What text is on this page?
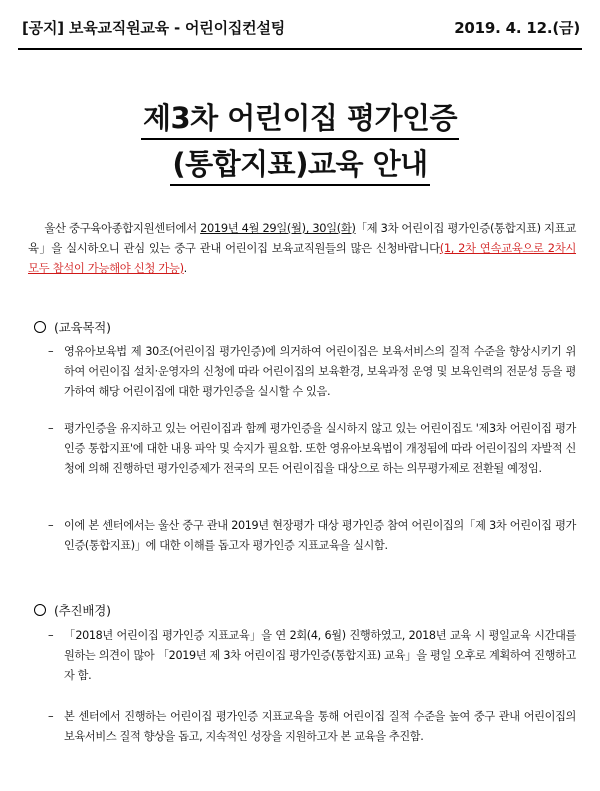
[공지] 보육교직원교육 - 어린이집컨설팅	2019. 4. 12.(금)
제3차 어린이집 평가인증
(통합지표)교육 안내
울산 중구육아종합지원센터에서 2019년 4월 29일(월), 30일(화)「제 3차 어린이집 평가인증(통합지표) 지표교육」을 실시하오니 관심 있는 중구 관내 어린이집 보육교직원들의 많은 신청바랍니다(1, 2차 연속교육으로 2차시 모두 참석이 가능해야 신청 가능).
(교육목적)
– 영유아보육법 제 30조(어린이집 평가인증)에 의거하여 어린이집은 보육서비스의 질적 수준을 향상시키기 위하여 어린이집 설치·운영자의 신청에 따라 어린이집의 보육환경, 보육과정 운영 및 보육인력의 전문성 등을 평가하여 해당 어린이집에 대한 평가인증을 실시할 수 있음.
– 평가인증을 유지하고 있는 어린이집과 함께 평가인증을 실시하지 않고 있는 어린이집도 '제3차 어린이집 평가인증 통합지표'에 대한 내용 파악 및 숙지가 필요함. 또한 영유아보육법이 개정됨에 따라 어린이집의 자발적 신청에 의해 진행하던 평가인증제가 전국의 모든 어린이집을 대상으로 하는 의무평가제로 전환될 예정임.
– 이에 본 센터에서는 울산 중구 관내 2019년 현장평가 대상 평가인증 참여 어린이집의「제 3차 어린이집 평가인증(통합지표)」에 대한 이해를 돕고자 평가인증 지표교육을 실시함.
(추진배경)
– 「2018년 어린이집 평가인증 지표교육」을 연 2회(4, 6월) 진행하였고, 2018년 교육 시 평일교육 시간대를 원하는 의견이 많아 「2019년 제 3차 어린이집 평가인증(통합지표) 교육」을 평일 오후로 계획하여 진행하고자 함.
– 본 센터에서 진행하는 어린이집 평가인증 지표교육을 통해 어린이집 질적 수준을 높여 중구 관내 어린이집의 보육서비스 질적 향상을 돕고, 지속적인 성장을 지원하고자 본 교육을 추진함.
